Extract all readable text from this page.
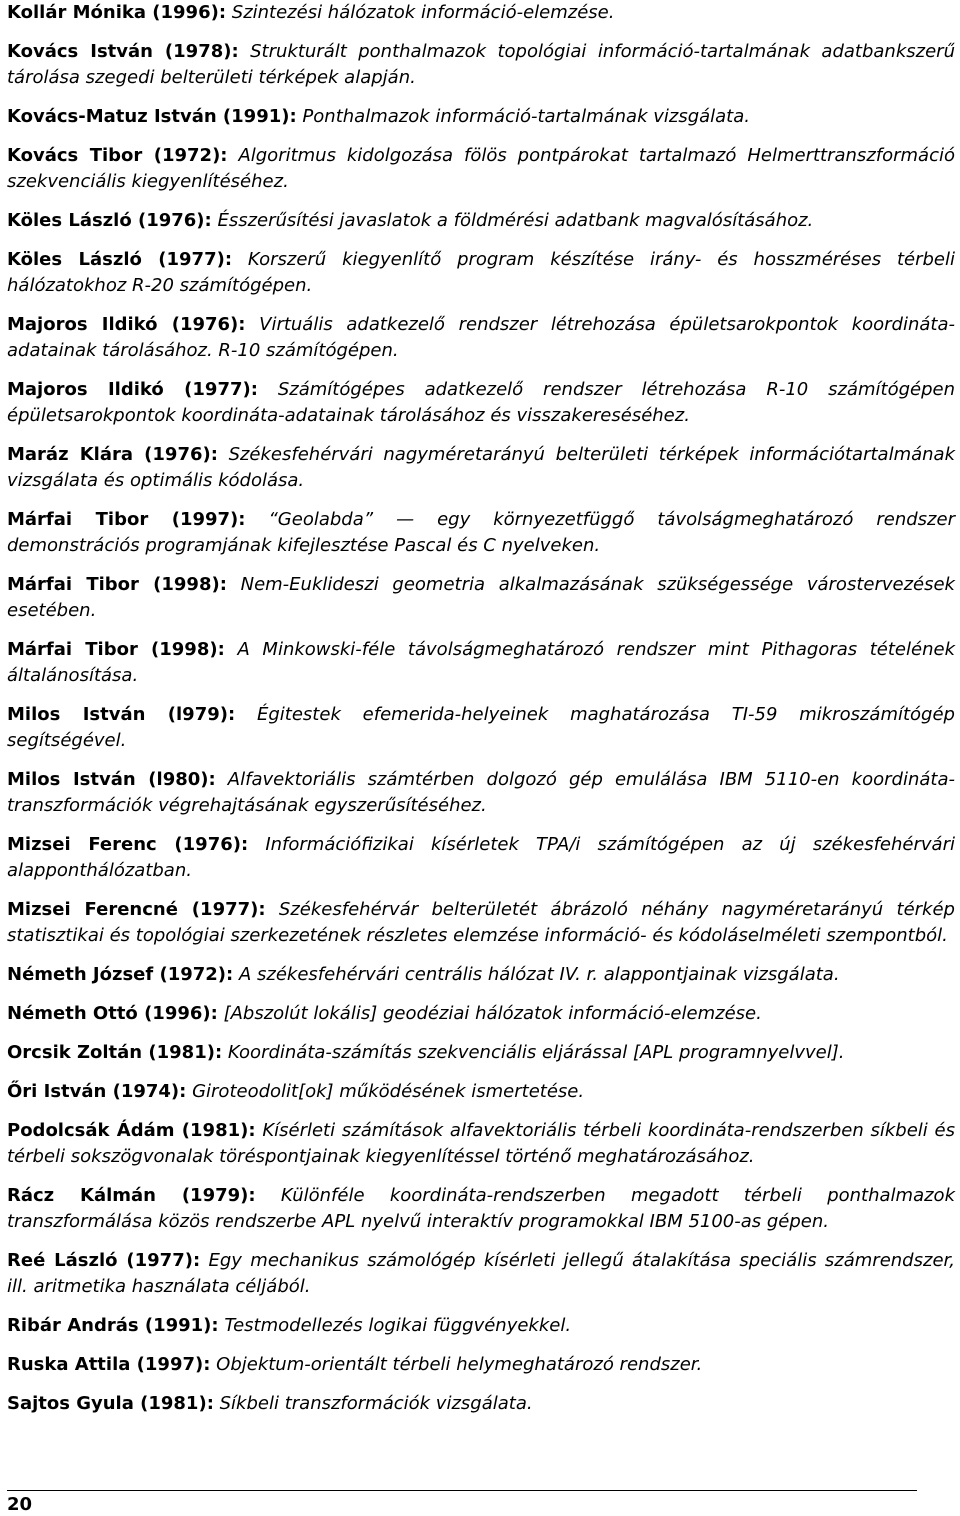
Kollár Mónika (1996): Szintezési hálózatok információ-elemzése.

Kovács István (1978): Strukturált ponthalmazok topológiai információ-tartalmának adatbankszerű tárolása szegedi belterületi térképek alapján.

Kovács-Matuz István (1991): Ponthalmazok információ-tartalmának vizsgálata.

Kovács Tibor (1972): Algoritmus kidolgozása fölös pontpárokat tartalmazó Helmerttranszformáció szekvenciális kiegyenlítéséhez.

Köles László (1976): Ésszerűsítési javaslatok a földmérési adatbank magvalósításához.

Köles László (1977): Korszerű kiegyenlítő program készítése irány- és hosszméréses térbeli hálózatokhoz R-20 számítógépen.

Majoros Ildikó (1976): Virtuális adatkezelő rendszer létrehozása épületsarokpontok koordináta-adatainak tárolásához. R-10 számítógépen.

Majoros Ildikó (1977): Számítógépes adatkezelő rendszer létrehozása R-10 számítógépen épületsarokpontok koordináta-adatainak tárolásához és visszakereséséhez.

Maráz Klára (1976): Székesfehérvári nagyméretarányú belterületi térképek információtartalmának vizsgálata és optimális kódolása.

Márfai Tibor (1997): “Geolabda” — egy környezetfüggő távolságmeghatározó rendszer demonstrációs programjának kifejlesztése Pascal és C nyelveken.

Márfai Tibor (1998): Nem-Euklideszi geometria alkalmazásának szükségessége várostervezések esetében.

Márfai Tibor (1998): A Minkowski-féle távolságmeghatározó rendszer mint Pithagoras tételének általánosítása.

Milos István (l979): Égitestek efemerida-helyeinek maghatározása TI-59 mikroszámítógép segítségével.

Milos István (l980): Alfavektoriális számtérben dolgozó gép emulálása IBM 5110-en koordináta-transzformációk végrehajtásának egyszerűsítéséhez.

Mizsei Ferenc (1976): Információfizikai kísérletek TPA/i számítógépen az új székesfehérvári alapponthálózatban.

Mizsei Ferencné (1977): Székesfehérvár belterületét ábrázoló néhány nagyméretarányú térkép statisztikai és topológiai szerkezetének részletes elemzése információ- és kódoláselméleti szempontból.

Németh József (1972): A székesfehérvári centrális hálózat IV. r. alappontjainak vizsgálata.

Németh Ottó (1996): [Abszolút lokális] geodéziai hálózatok információ-elemzése.

Orcsik Zoltán (1981): Koordináta-számítás szekvenciális eljárással [APL programnyelvvel].

Őri István (1974): Giroteodolit[ok] működésének ismertetése.

Podolcsák Ádám (1981): Kísérleti számítások alfavektoriális térbeli koordináta-rendszerben síkbeli és térbeli sokszögvonalak töréspontjainak kiegyenlítéssel történő meghatározásához.

Rácz Kálmán (1979): Különféle koordináta-rendszerben megadott térbeli ponthalmazok transzformálása közös rendszerbe APL nyelvű interaktív programokkal IBM 5100-as gépen.

Reé László (1977): Egy mechanikus számológép kísérleti jellegű átalakítása speciális számrendszer, ill. aritmetika használata céljából.

Ribár András (1991): Testmodellezés logikai függvényekkel.

Ruska Attila (1997): Objektum-orientált térbeli helymeghatározó rendszer.

Sajtos Gyula (1981): Síkbeli transzformációk vizsgálata.

20
